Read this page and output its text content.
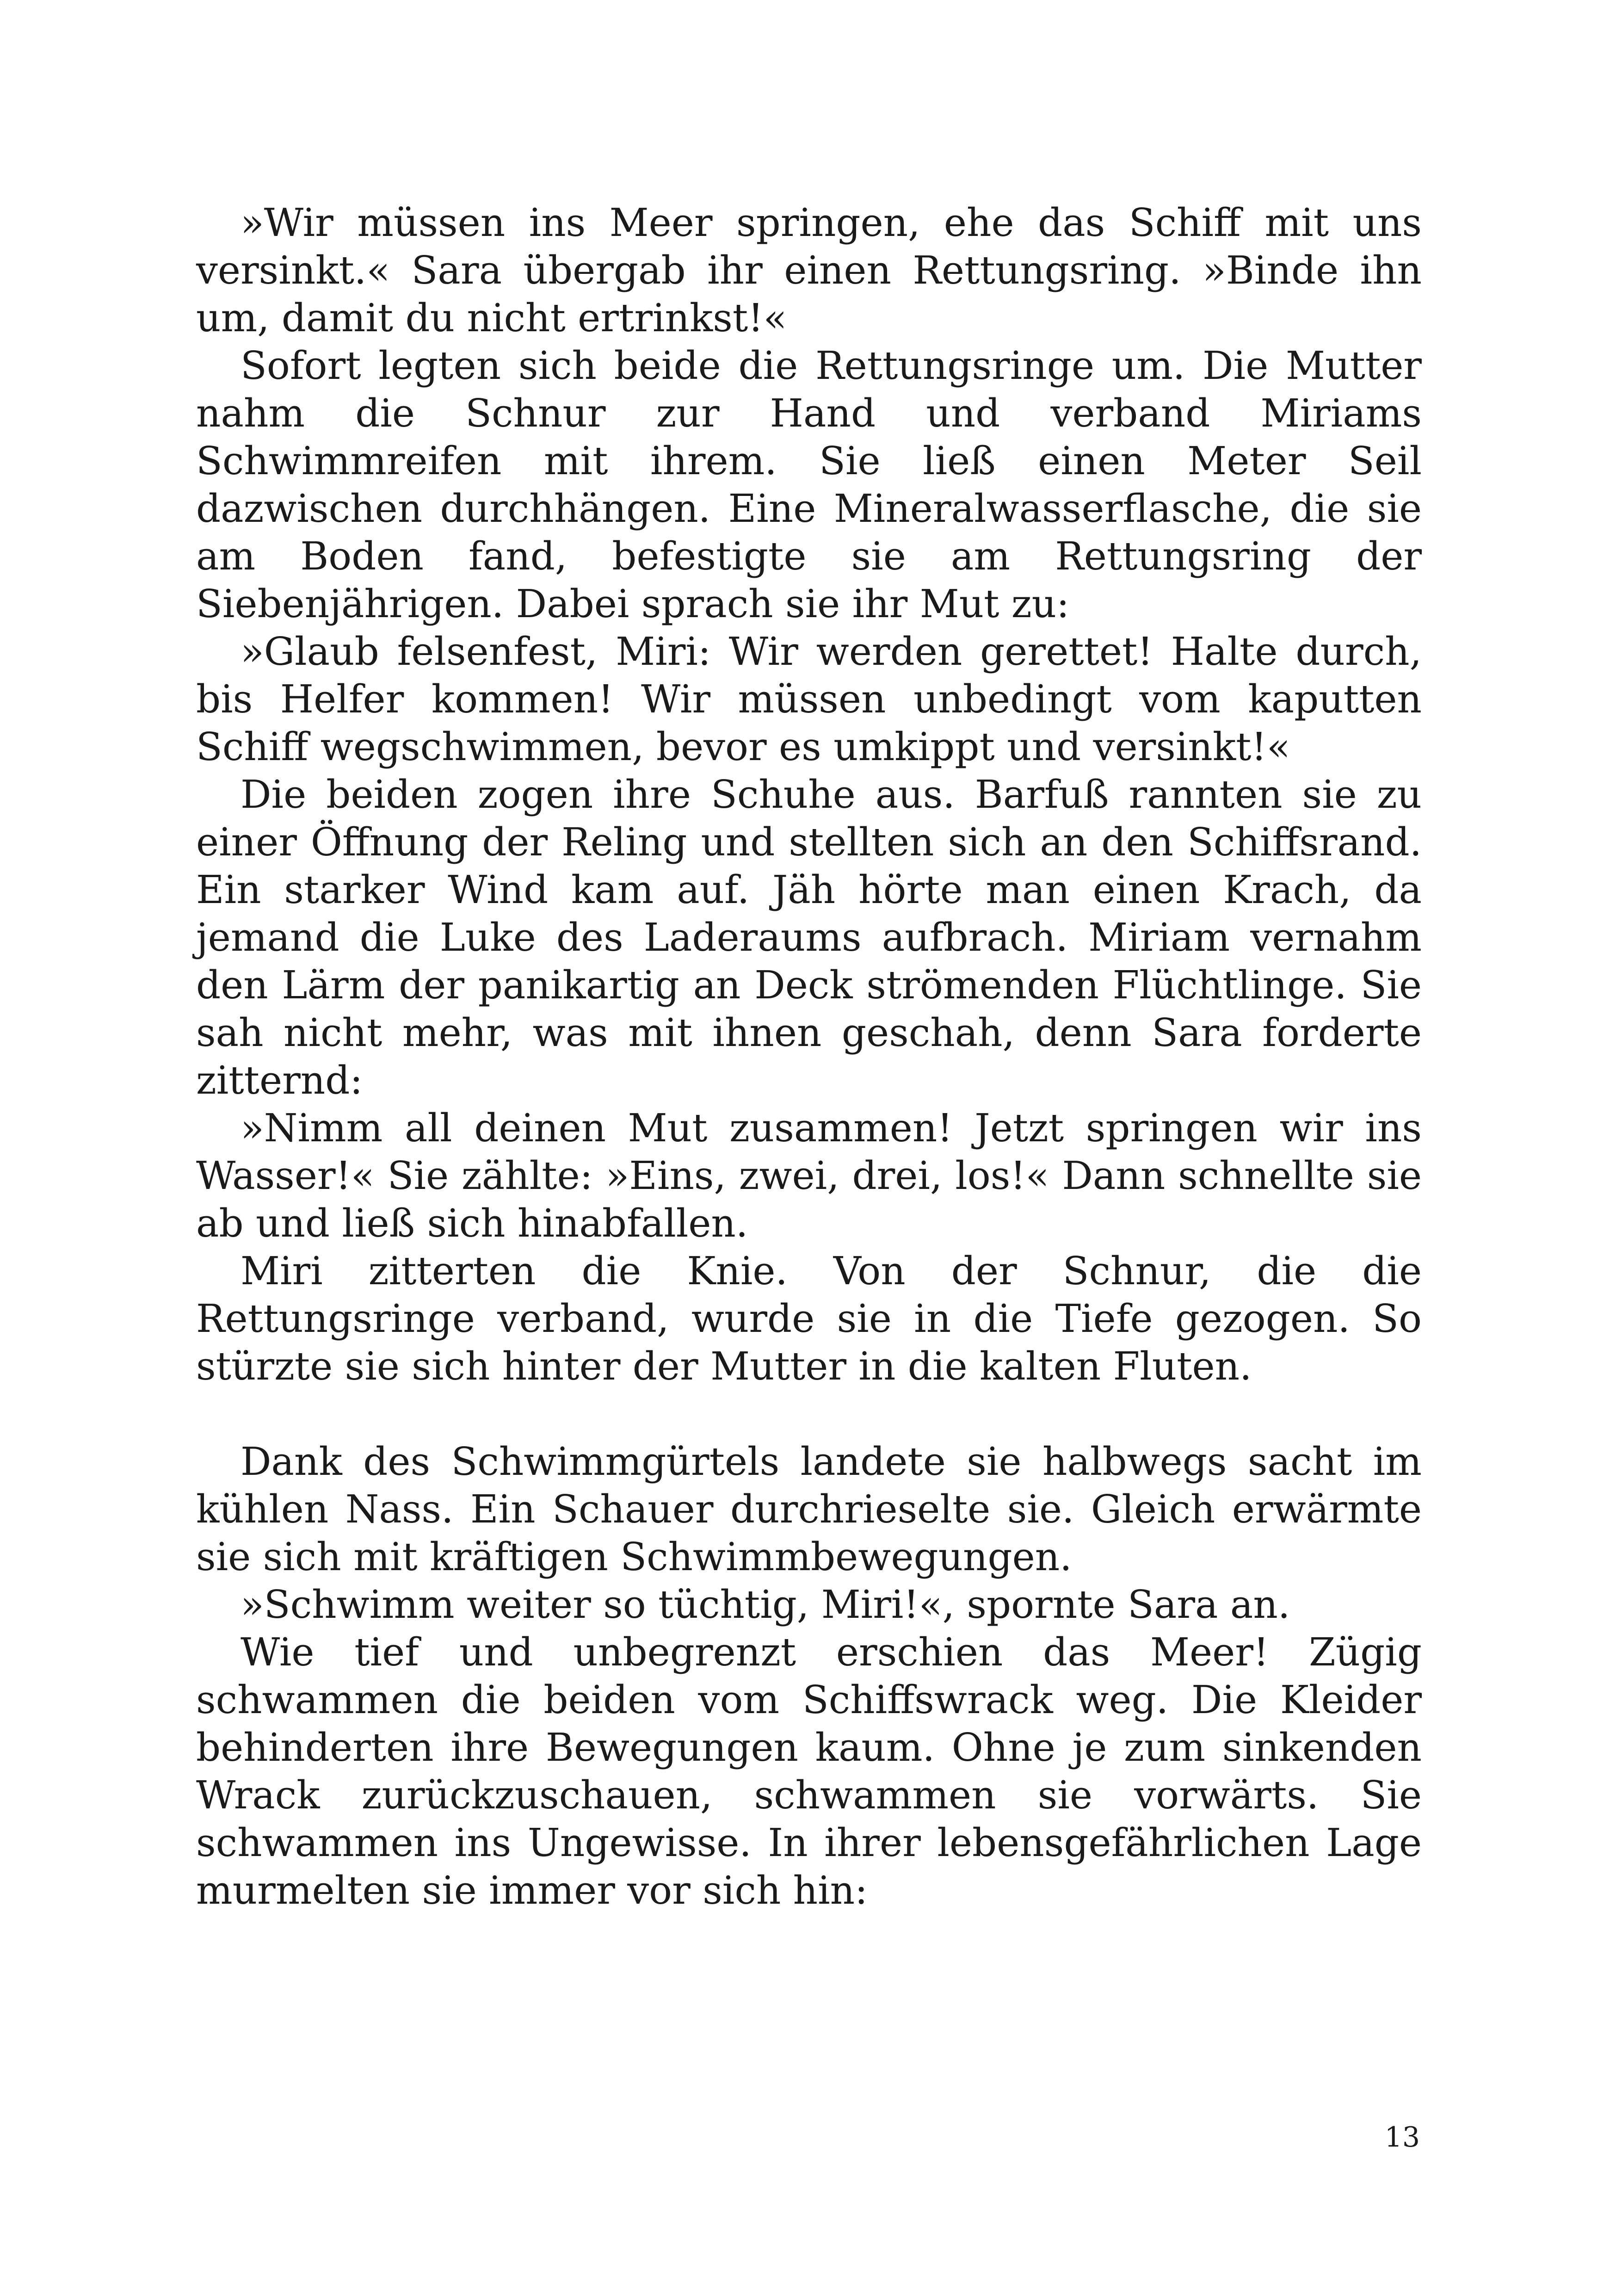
»Wir müssen ins Meer springen, ehe das Schiff mit uns versinkt.« Sara übergab ihr einen Rettungsring. »Binde ihn um, damit du nicht ertrinkst!«

Sofort legten sich beide die Rettungsringe um. Die Mutter nahm die Schnur zur Hand und verband Miriams Schwimmreifen mit ihrem. Sie ließ einen Meter Seil dazwischen durchhängen. Eine Mineralwasserflasche, die sie am Boden fand, befestigte sie am Rettungsring der Siebenjährigen. Dabei sprach sie ihr Mut zu:

»Glaub felsenfest, Miri: Wir werden gerettet! Halte durch, bis Helfer kommen! Wir müssen unbedingt vom kaputten Schiff wegschwimmen, bevor es umkippt und versinkt!«

Die beiden zogen ihre Schuhe aus. Barfuß rannten sie zu einer Öffnung der Reling und stellten sich an den Schiffsrand. Ein starker Wind kam auf. Jäh hörte man einen Krach, da jemand die Luke des Laderaums aufbrach. Miriam vernahm den Lärm der panikartig an Deck strömenden Flüchtlinge. Sie sah nicht mehr, was mit ihnen geschah, denn Sara forderte zitternd:

»Nimm all deinen Mut zusammen! Jetzt springen wir ins Wasser!« Sie zählte: »Eins, zwei, drei, los!« Dann schnellte sie ab und ließ sich hinabfallen.

Miri zitterten die Knie. Von der Schnur, die die Rettungsringe verband, wurde sie in die Tiefe gezogen. So stürzte sie sich hinter der Mutter in die kalten Fluten.

Dank des Schwimmgürtels landete sie halbwegs sacht im kühlen Nass. Ein Schauer durchrieselte sie. Gleich erwärmte sie sich mit kräftigen Schwimmbewegungen.

»Schwimm weiter so tüchtig, Miri!«, spornte Sara an.

Wie tief und unbegrenzt erschien das Meer! Zügig schwammen die beiden vom Schiffswrack weg. Die Kleider behinderten ihre Bewegungen kaum. Ohne je zum sinkenden Wrack zurückzuschauen, schwammen sie vorwärts. Sie schwammen ins Ungewisse. In ihrer lebensgefährlichen Lage murmelten sie immer vor sich hin:

13
